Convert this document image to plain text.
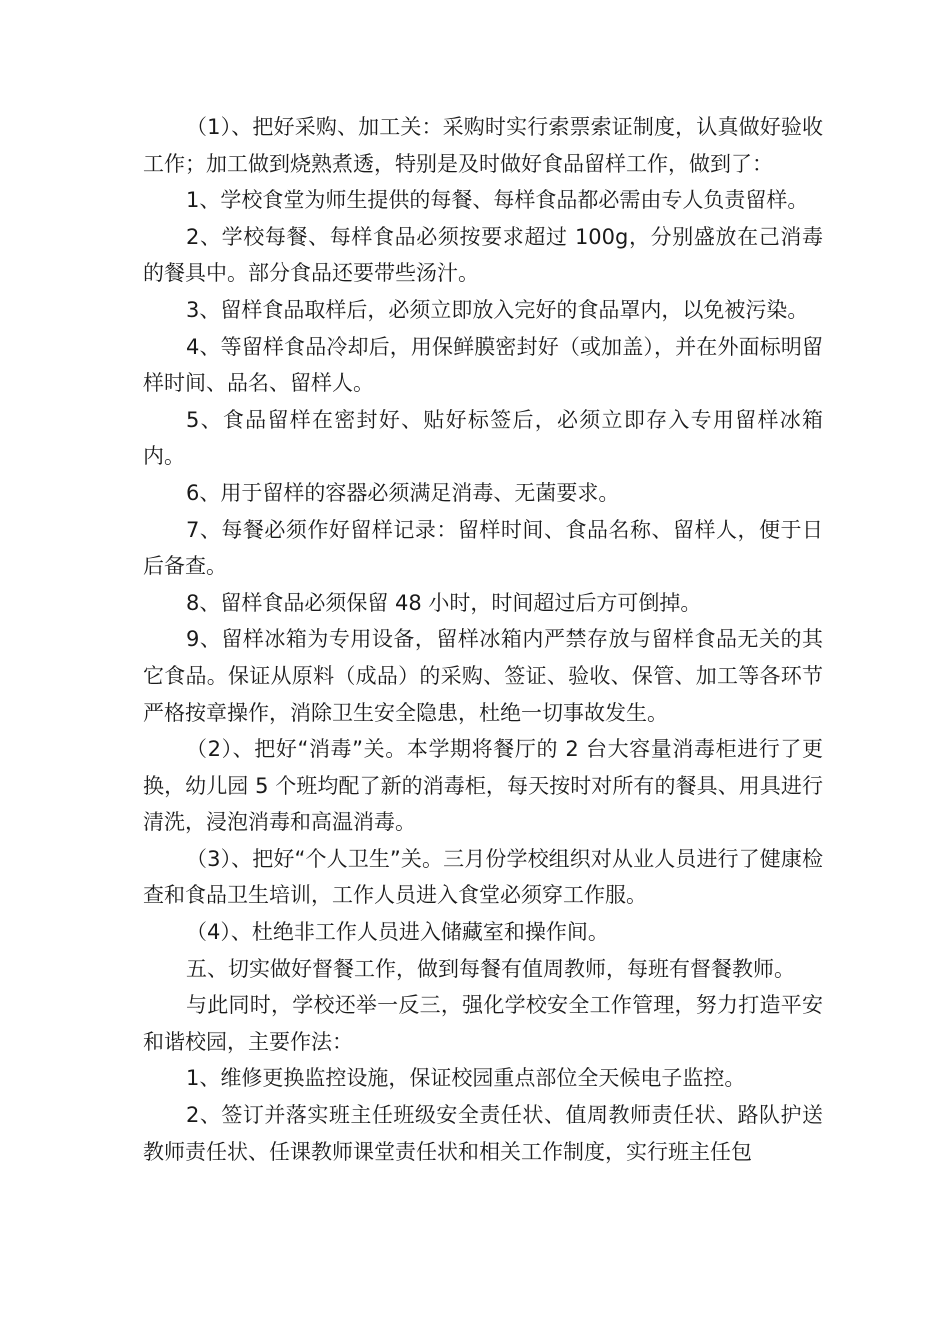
（1）、把好采购、加工关：采购时实行索票索证制度，认真做好验收工作；加工做到烧熟煮透，特别是及时做好食品留样工作，做到了：

1、学校食堂为师生提供的每餐、每样食品都必需由专人负责留样。

2、学校每餐、每样食品必须按要求超过 100g，分别盛放在己消毒的餐具中。部分食品还要带些汤汁。

3、留样食品取样后，必须立即放入完好的食品罩内，以免被污染。

4、等留样食品冷却后，用保鲜膜密封好（或加盖），并在外面标明留样时间、品名、留样人。

5、食品留样在密封好、贴好标签后，必须立即存入专用留样冰箱内。

6、用于留样的容器必须满足消毒、无菌要求。

7、每餐必须作好留样记录：留样时间、食品名称、留样人，便于日后备查。

8、留样食品必须保留 48 小时，时间超过后方可倒掉。

9、留样冰箱为专用设备，留样冰箱内严禁存放与留样食品无关的其它食品。保证从原料（成品）的采购、签证、验收、保管、加工等各环节严格按章操作，消除卫生安全隐患，杜绝一切事故发生。

（2）、把好“消毒”关。本学期将餐厅的 2 台大容量消毒柜进行了更换，幼儿园 5 个班均配了新的消毒柜，每天按时对所有的餐具、用具进行清洗，浸泡消毒和高温消毒。

（3）、把好“个人卫生”关。三月份学校组织对从业人员进行了健康检查和食品卫生培训，工作人员进入食堂必须穿工作服。

（4）、杜绝非工作人员进入储藏室和操作间。

五、切实做好督餐工作，做到每餐有值周教师，每班有督餐教师。

与此同时，学校还举一反三，强化学校安全工作管理，努力打造平安和谐校园，主要作法：

1、维修更换监控设施，保证校园重点部位全天候电子监控。

2、签订并落实班主任班级安全责任状、值周教师责任状、路队护送教师责任状、任课教师课堂责任状和相关工作制度，实行班主任包
